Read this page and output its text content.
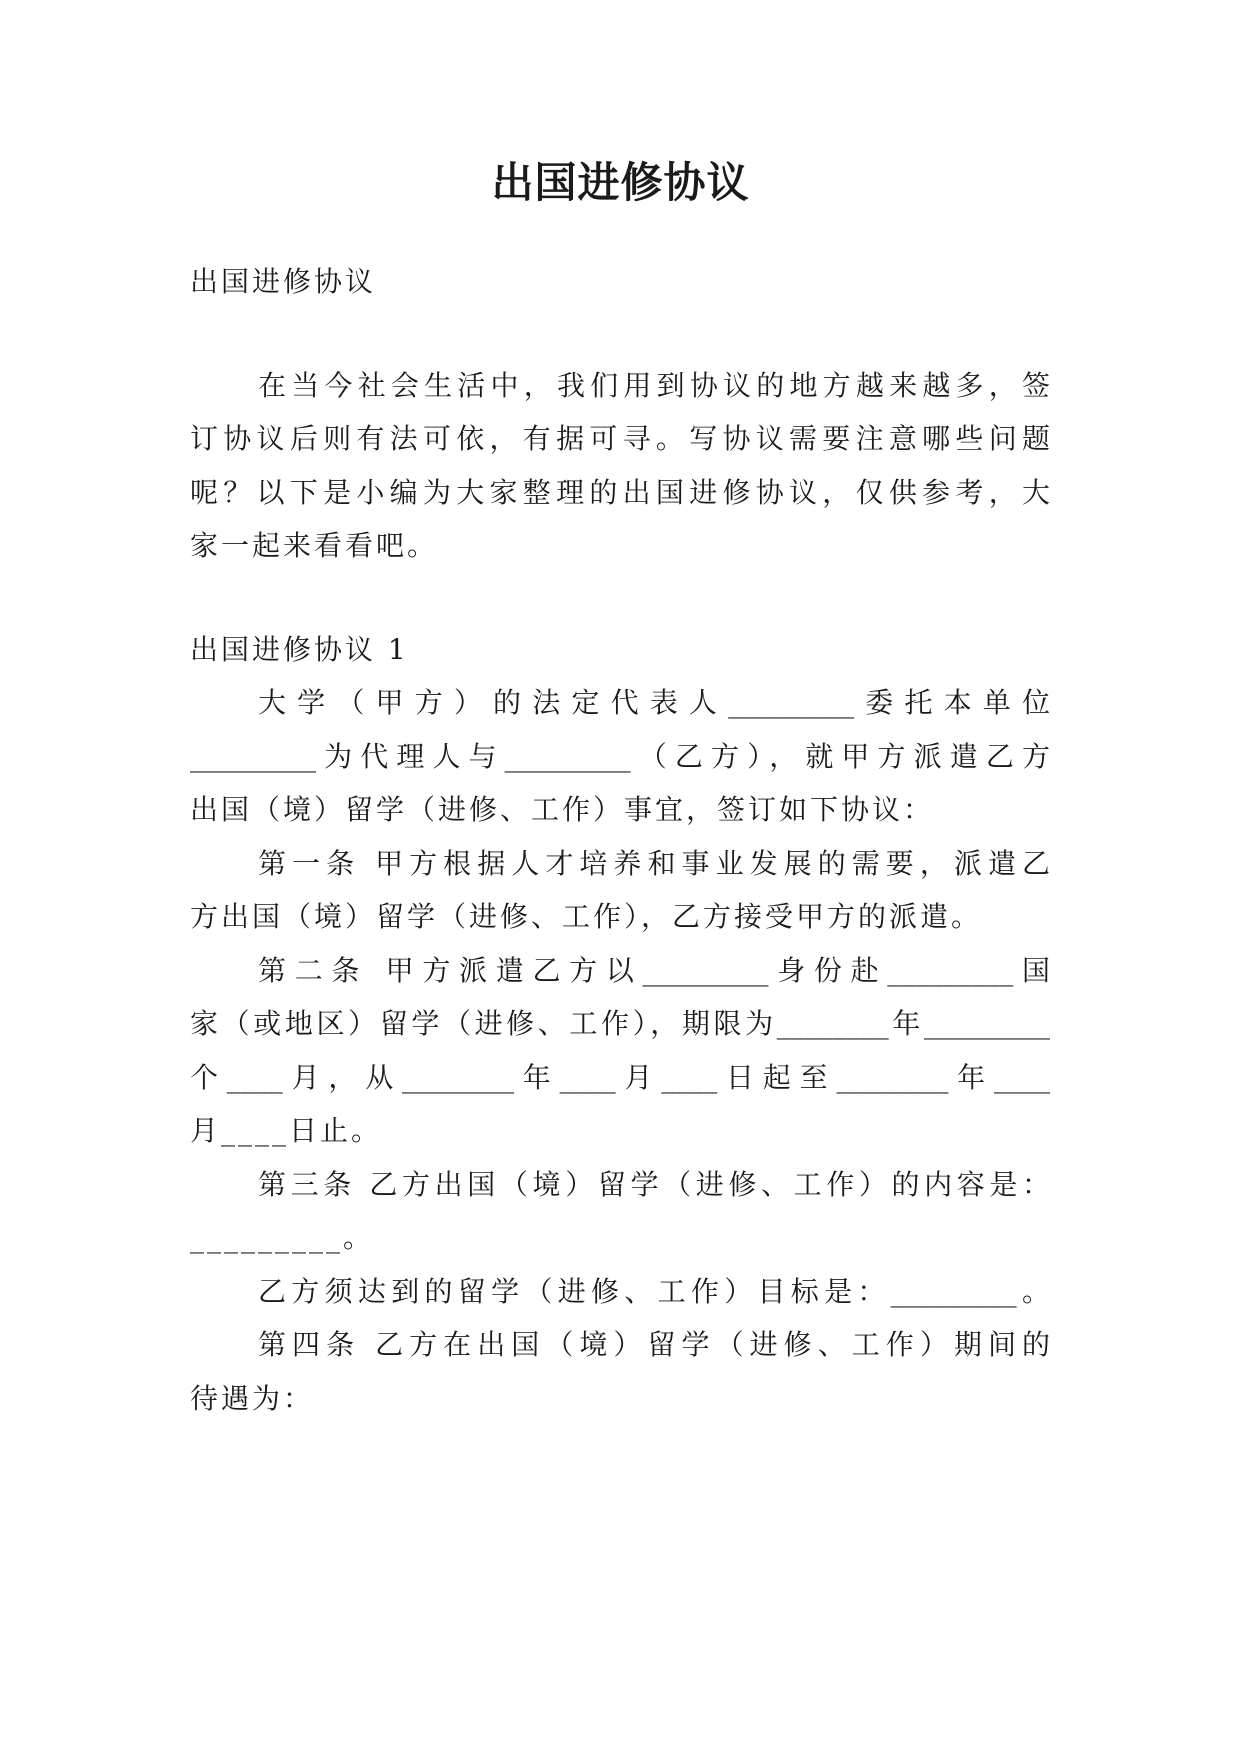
出国进修协议
出国进修协议
在当今社会生活中，我们用到协议的地方越来越多，签
订协议后则有法可依，有据可寻。写协议需要注意哪些问题
呢？以下是小编为大家整理的出国进修协议，仅供参考，大
家一起来看看吧。
出国进修协议 1
大学（甲方）的法定代表人_________委托本单位
_________为代理人与_________（乙方），就甲方派遣乙方
出国（境）留学（进修、工作）事宜，签订如下协议：
第一条 甲方根据人才培养和事业发展的需要，派遣乙
方出国（境）留学（进修、工作），乙方接受甲方的派遣。
第二条 甲方派遣乙方以_________身份赴_________国
家（或地区）留学（进修、工作），期限为________年_________
个____月，从________年____月____日起至________年____
月____日止。
第三条 乙方出国（境）留学（进修、工作）的内容是：
_________。
乙方须达到的留学（进修、工作）目标是：_________。
第四条 乙方在出国（境）留学（进修、工作）期间的
待遇为：
